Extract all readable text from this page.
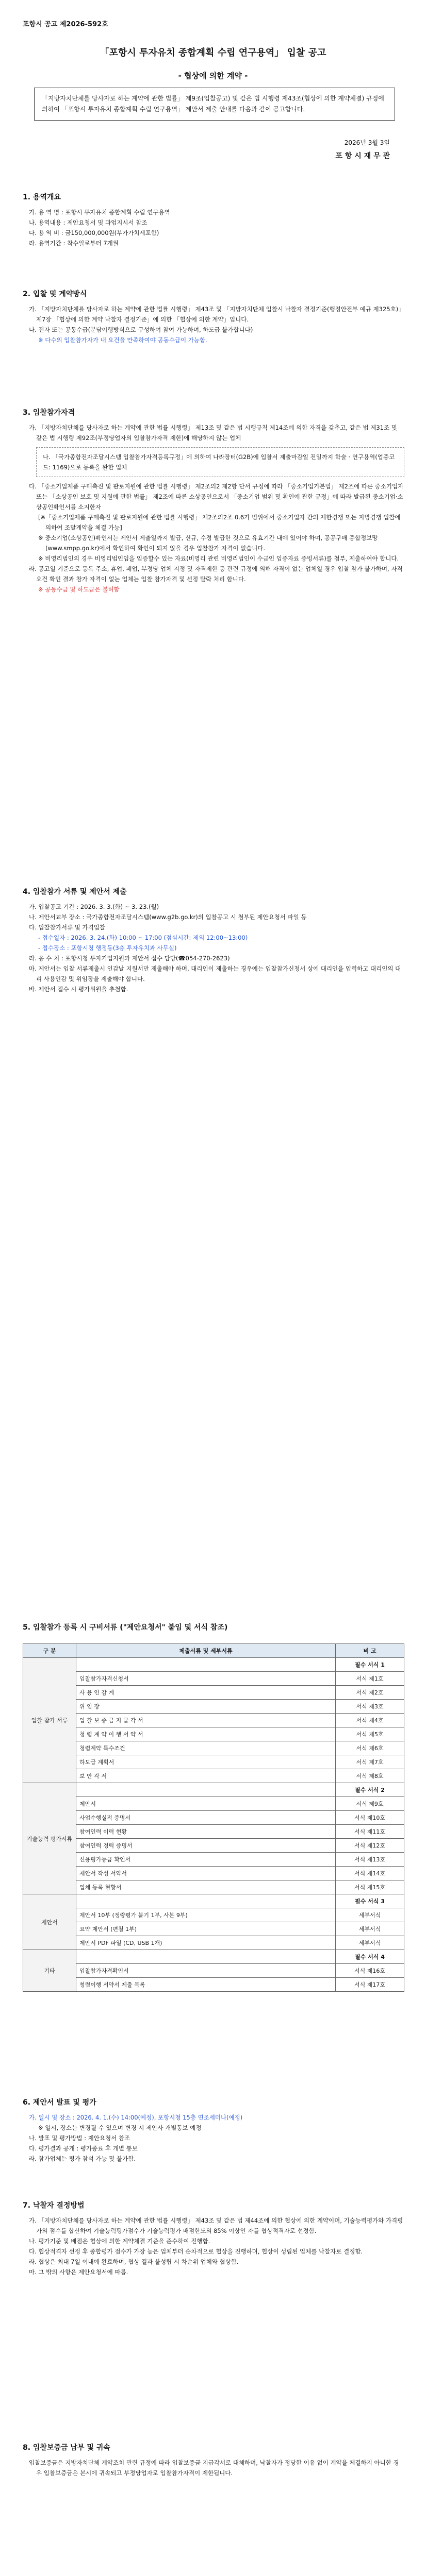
포항시 공고 제2026-592호
「포항시 투자유치 종합계획 수립 연구용역」 입찰 공고
- 협상에 의한 계약 -
「지방자치단체를 당사자로 하는 계약에 관한 법률」 제9조(입찰공고) 및 같은 법 시행령 제43조(협상에 의한 계약체결) 규정에 의하여 「포항시 투자유치 종합계획 수립 연구용역」 제안서 제출 안내를 다음과 같이 공고합니다.
2026년 3월 3일
포 항 시 재 무 관
1. 용역개요
가. 용 역 명 : 포항시 투자유치 종합계획 수립 연구용역
나. 용역내용 : 제안요청서 및 과업지시서 참조
다. 용 역 비 : 금150,000,000원(부가가치세포함)
라. 용역기간 : 착수일로부터 7개월
2. 입찰 및 계약방식
가. 「지방자치단체를 당사자로 하는 계약에 관한 법률 시행령」 제43조 및 「지방자치단체 입찰시 낙찰자 결정기준(행정안전부 예규 제325호)」 제7장 「협상에 의한 계약 낙찰자 결정기준」에 의한 「협상에 의한 계약」입니다.
나. 전자 또는 공동수급(분담이행방식으로 구성하여 참여 가능하며, 하도급 불가합니다)
※ 다수의 입찰참가자가 내 요건을 만족하여야 공동수급이 가능함.
3. 입찰참가자격
가. 「지방자치단체를 당사자로 하는 계약에 관한 법률 시행령」 제13조 및 같은 법 시행규칙 제14조에 의한 자격을 갖추고, 같은 법 제31조 및 같은 법 시행령 제92조(부정당업자의 입찰참가자격 제한)에 해당하지 않는 업체
나. 「국가종합전자조달시스템 입찰참가자격등록규정」에 의하여 나라장터(G2B)에 입찰서 제출마감일 전일까지 학술 · 연구용역(업종코드: 1169)으로 등록을 완한 업체
다. 「중소기업제품 구매촉진 및 판로지원에 관한 법률 시행령」 제2조의2 제2항 단서 규정에 따라 「중소기업기본법」 제2조에 따른 중소기업자 또는 「소상공인 보호 및 지원에 관한 법률」 제2조에 따른 소상공인으로서 「중소기업 범위 및 확인에 관한 규정」에 따라 발급된 중소기업·소상공인확인서를 소지한자
[※「중소기업제품 구매촉진 및 판로지원에 관한 법률 시행령」 제2조의2조 0.6가 범위에서 중소기업자 간의 제한경쟁 또는 지명경쟁 입찰에 의하여 조달계약을 체결 가능]
※ 중소기업(소상공인)확인서는 제안서 제출일까지 발급, 신규, 수정 발급한 것으로 유효기간 내에 있어야 하며, 공공구매 종합정보망(www.smpp.go.kr)에서 확인하여 확인이 되지 않을 경우 입찰참가 자격이 없습니다.
※ 비영리법인의 경우 비영리법인임을 입증할수 있는 자료(비영리 관련 비영리법인이 수급인 입증자료 증빙서류)를 첨부, 제출하여야 합니다.
라. 공고일 기준으로 등록 주소, 휴업, 폐업, 부정당 업체 지정 및 자격제한 등 관련 규정에 의해 자격이 없는 업체일 경우 입찰 참가 불가하며, 자격요건 확인 결과 참가 자격이 없는 업체는 입찰 참가자격 및 선정 탈락 처리 합니다.
※ 공동수급 및 하도급은 불허함
4. 입찰참가 서류 및 제안서 제출
가. 입찰공고 기간 : 2026. 3. 3.(화) ~ 3. 23.(월)
나. 제안서교부 장소 : 국가종합전자조달시스템(www.g2b.go.kr)의 입찰공고 시 첨부된 제안요청서 파일 등
다. 입찰참가서류 및 가격입찰
- 접수일자 : 2026. 3. 24.(화) 10:00 ~ 17:00 (점심시간: 제외 12:00~13:00)
- 접수장소 : 포항시청 행정동(3층 투자유치과 사무실)
라. 응 수 처 : 포항시청 투자기업지원과 제안서 접수 담당(☎054-270-2623)
마. 제안서는 입찰 서류제출시 인감날 지원서만 제출해야 하며, 대리인이 제출하는 경우에는 입찰참가신청서 상에 대리인을 입력하고 대리인의 대리 사용인감 및 위임장을 제출해야 합니다.
바. 제안서 접수 시 평가위원을 추첨함.
5. 입찰참가 등록 시 구비서류 ("제안요청서" 붙임 및 서식 참조)
구 분	제출서류 및 세부서류	비 고
입찰 참가 서류		필수 서식 1
	입찰참가자격신청서	서식 제1호
	사 용 인 감 계	서식 제2호
	위 임 장	서식 제3호
	입 찰 보 증 금 지 급 각 서	서식 제4호
	청 렴 계 약 이 행 서 약 서	서식 제5호
	청렴계약 특수조건	서식 제6호
	하도급 계획서	서식 제7호
	보 안 각 서	서식 제8호
기술능력 평가서류		필수 서식 2
	제안서	서식 제9호
	사업수행실적 증명서	서식 제10호
	참여인력 이력 현황	서식 제11호
	참여인력 경력 증명서	서식 제12호
	신용평가등급 확인서	서식 제13호
	제안서 작성 서약서	서식 제14호
	업체 등록 현황서	서식 제15호
제안서		필수 서식 3
	제안서 10부 (정량평가 붙기 1부, 사본 9부)	세부서식
	요약 제안서 (편철 1부)	세부서식
	제안서 PDF 파일 (CD, USB 1개)	세부서식
기타		필수 서식 4
	입찰참가자격확인서	서식 제16호
	청렴이행 서약서 제출 목록	서식 제17호
6. 제안서 발표 및 평가
가. 일시 및 장소 : 2026. 4. 1.(수) 14:00(예정), 포항시청 15층 연조세미나(예정)
※ 일시, 장소는 변경될 수 있으며 변경 시 제안사 개별통보 예정
나. 발표 및 평가방법 : 제안요청서 참조
다. 평가결과 공개 : 평가종료 후 개별 통보
라. 참가업체는 평가 참석 가능 및 불가함.
7. 낙찰자 결정방법
가. 「지방자치단체를 당사자로 하는 계약에 관한 법률 시행령」 제43조 및 같은 법 제44조에 의한 협상에 의한 계약이며, 기술능력평가와 가격평가의 점수를 합산하여 기술능력평가점수가 기술능력평가 배점한도의 85% 이상인 자를 협상적격자로 선정함.
나. 평가기준 및 배점은 협상에 의한 계약체결 기준을 준수하여 진행함.
다. 협상적격자 선정 후 종합평가 점수가 가장 높은 업체부터 순차적으로 협상을 진행하며, 협상이 성립된 업체를 낙찰자로 결정함.
라. 협상은 최대 7일 이내에 완료하며, 협상 결과 불성립 시 차순위 업체와 협상함.
마. 그 밖의 사항은 제안요청서에 따름.
8. 입찰보증금 납부 및 귀속
입찰보증금은 지방자치단체 계약조치 관련 규정에 따라 입찰보증금 지급각서로 대체하며, 낙찰자가 정당한 이유 없이 계약을 체결하지 아니한 경우 입찰보증금은 본시에 귀속되고 부정당업자로 입찰참가자격이 제한됩니다.
